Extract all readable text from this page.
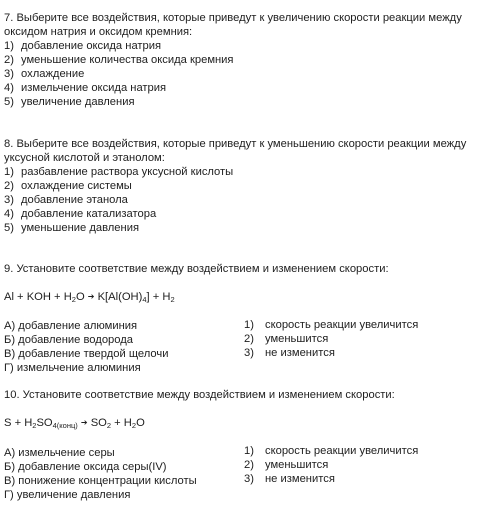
7. Выберите все воздействия, которые приведут к увеличению скорости реакции между оксидом натрия и оксидом кремния:

1) добавление оксида натрия
2) уменьшение количества оксида кремния
3) охлаждение
4) измельчение оксида натрия
5) увеличение давления

8. Выберите все воздействия, которые приведут к уменьшению скорости реакции между уксусной кислотой и этанолом:

1) разбавление раствора уксусной кислоты
2) охлаждение системы
3) добавление этанола
4) добавление катализатора
5) уменьшение давления

9. Установите соответствие между воздействием и изменением скорости:

Al + KOH + $H_2O$ ➔ $K[Al(OH)_4] + H_2$
А) добавление алюминия
Б) добавление водорода
В) добавление твердой щелочи
Г) измельчение алюминия
1) скорость реакции увеличится
2) уменьшится
3) не изменится

10. Установите соответствие между воздействием и изменением скорости:

$S + H_2SO_{4(конц)}$ ➔ $SO_2 + H_2O$
А) измельчение серы
Б) добавление оксида серы(IV)
В) понижение концентрации кислоты
Г) увеличение давления
1) скорость реакции увеличится
2) уменьшится
3) не изменится
